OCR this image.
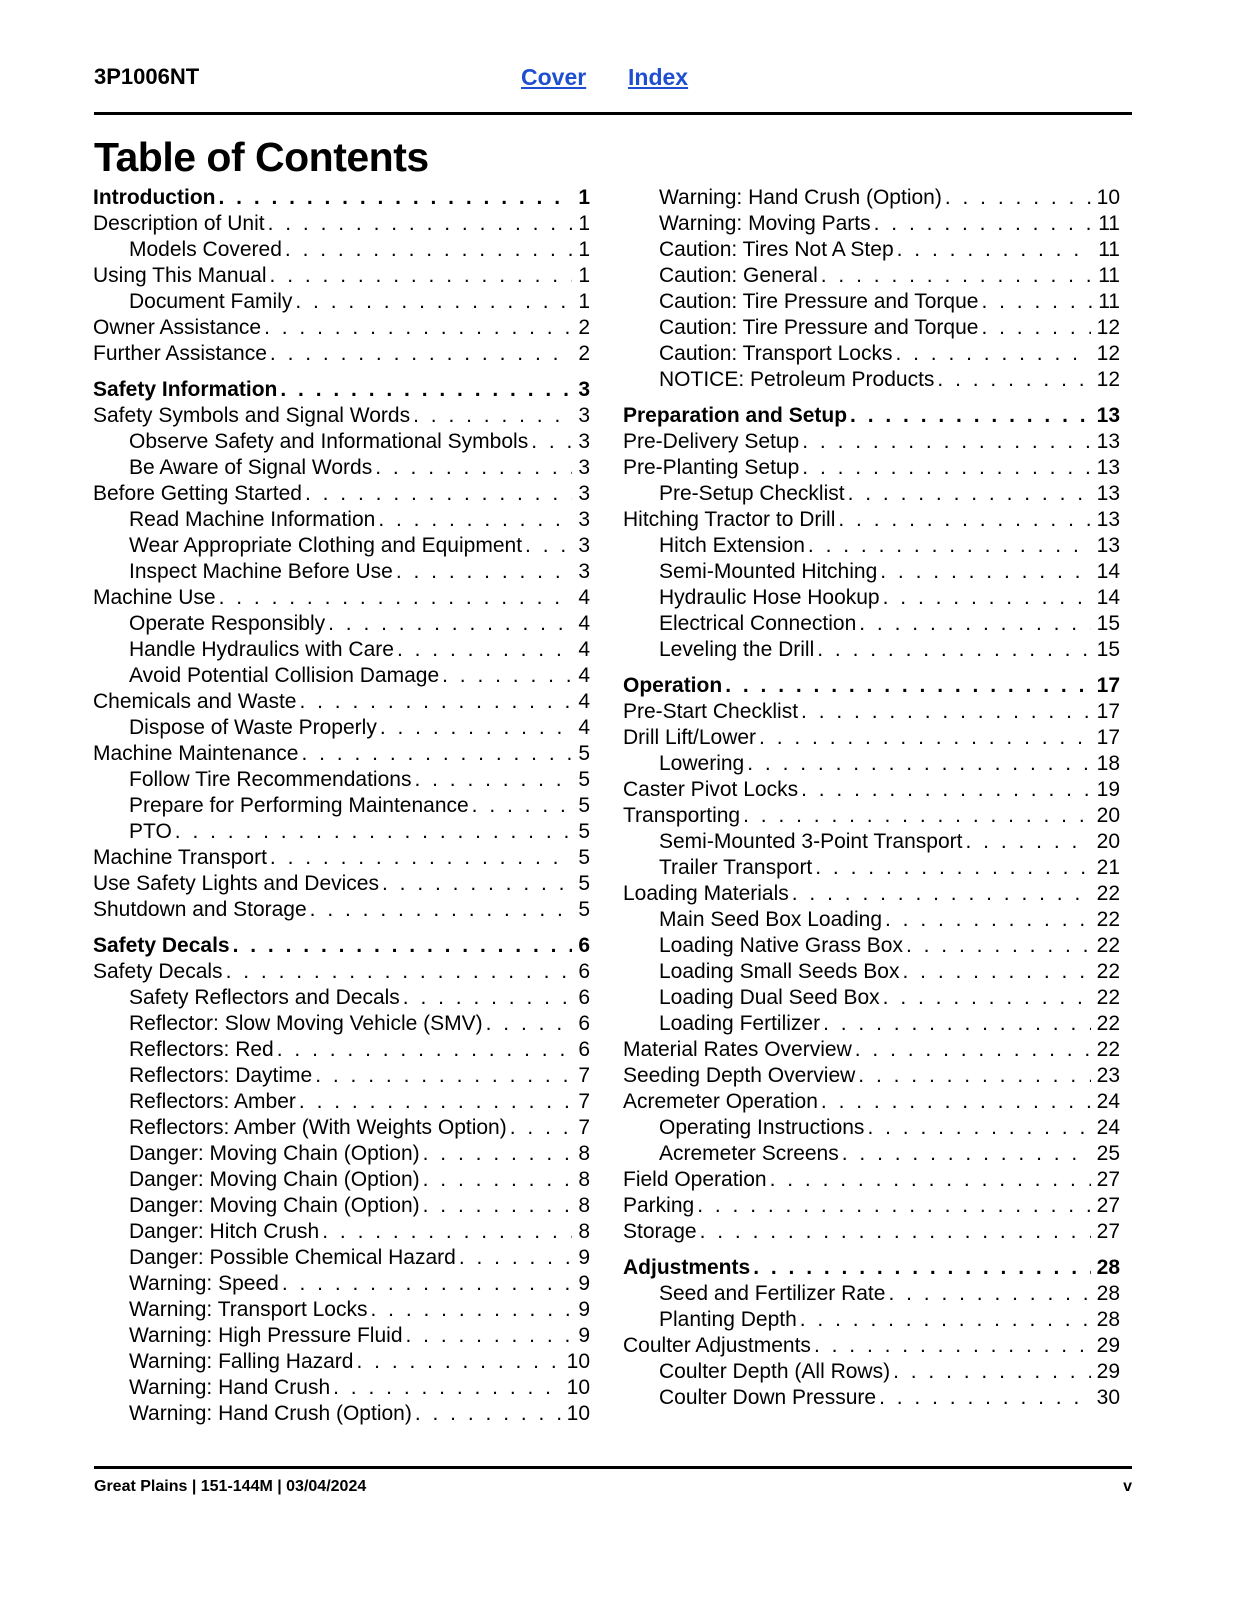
3P1006NT	Cover Index
Table of Contents
Introduction . . .	1
Description of Unit . . .	1
Models Covered . . .	1
Using This Manual . . .	1
Document Family . . .	1
Owner Assistance . . .	2
Further Assistance . . .	2
Safety Information . . .	3
Safety Symbols and Signal Words . . .	3
Observe Safety and Informational Symbols . . . 3
Be Aware of Signal Words . . .	3
Before Getting Started . . .	3
Read Machine Information . . .	3
Wear Appropriate Clothing and Equipment . . .	3
Inspect Machine Before Use . . .	3
Machine Use . . .	4
Operate Responsibly . . .	4
Handle Hydraulics with Care . . .	4
Avoid Potential Collision Damage . . .	4
Chemicals and Waste . . .	4
Dispose of Waste Properly . . .	4
Machine Maintenance . . .	5
Follow Tire Recommendations . . .	5
Prepare for Performing Maintenance . . .	5
PTO . . .	5
Machine Transport . . .	5
Use Safety Lights and Devices . . .	5
Shutdown and Storage . . .	5
Safety Decals . . .	6
Safety Decals . . .	6
Safety Reflectors and Decals . . .	6
Reflector: Slow Moving Vehicle (SMV) . . .	6
Reflectors: Red . . .	6
Reflectors: Daytime . . .	7
Reflectors: Amber . . .	7
Reflectors: Amber (With Weights Option) . . .	7
Danger: Moving Chain (Option) . . .	8
Danger: Moving Chain (Option) . . .	8
Danger: Moving Chain (Option) . . .	8
Danger: Hitch Crush . . .	8
Danger: Possible Chemical Hazard . . .	9
Warning: Speed . . .	9
Warning: Transport Locks . . .	9
Warning: High Pressure Fluid . . .	9
Warning: Falling Hazard . . .	10
Warning: Hand Crush . . .	10
Warning: Hand Crush (Option) . . .	10
Warning: Hand Crush (Option) . . .	10
Warning: Moving Parts . . .	11
Caution: Tires Not A Step . . .	11
Caution: General . . .	11
Caution: Tire Pressure and Torque . . .	11
Caution: Tire Pressure and Torque . . .	12
Caution: Transport Locks . . .	12
NOTICE: Petroleum Products . . .	12
Preparation and Setup . . .	13
Pre-Delivery Setup . . .	13
Pre-Planting Setup . . .	13
Pre-Setup Checklist . . .	13
Hitching Tractor to Drill . . .	13
Hitch Extension . . .	13
Semi-Mounted Hitching . . .	14
Hydraulic Hose Hookup . . .	14
Electrical Connection . . .	15
Leveling the Drill . . .	15
Operation . . .	17
Pre-Start Checklist . . .	17
Drill Lift/Lower . . .	17
Lowering . . .	18
Caster Pivot Locks . . .	19
Transporting . . .	20
Semi-Mounted 3-Point Transport . . .	20
Trailer Transport . . .	21
Loading Materials . . .	22
Main Seed Box Loading . . .	22
Loading Native Grass Box . . .	22
Loading Small Seeds Box . . .	22
Loading Dual Seed Box . . .	22
Loading Fertilizer . . .	22
Material Rates Overview . . .	22
Seeding Depth Overview . . .	23
Acremeter Operation . . .	24
Operating Instructions . . .	24
Acremeter Screens . . .	25
Field Operation . . .	27
Parking . . .	27
Storage . . .	27
Adjustments . . .	28
Seed and Fertilizer Rate . . .	28
Planting Depth . . .	28
Coulter Adjustments . . .	29
Coulter Depth (All Rows) . . .	29
Coulter Down Pressure . . .	30
Great Plains | 151-144M | 03/04/2024	v
